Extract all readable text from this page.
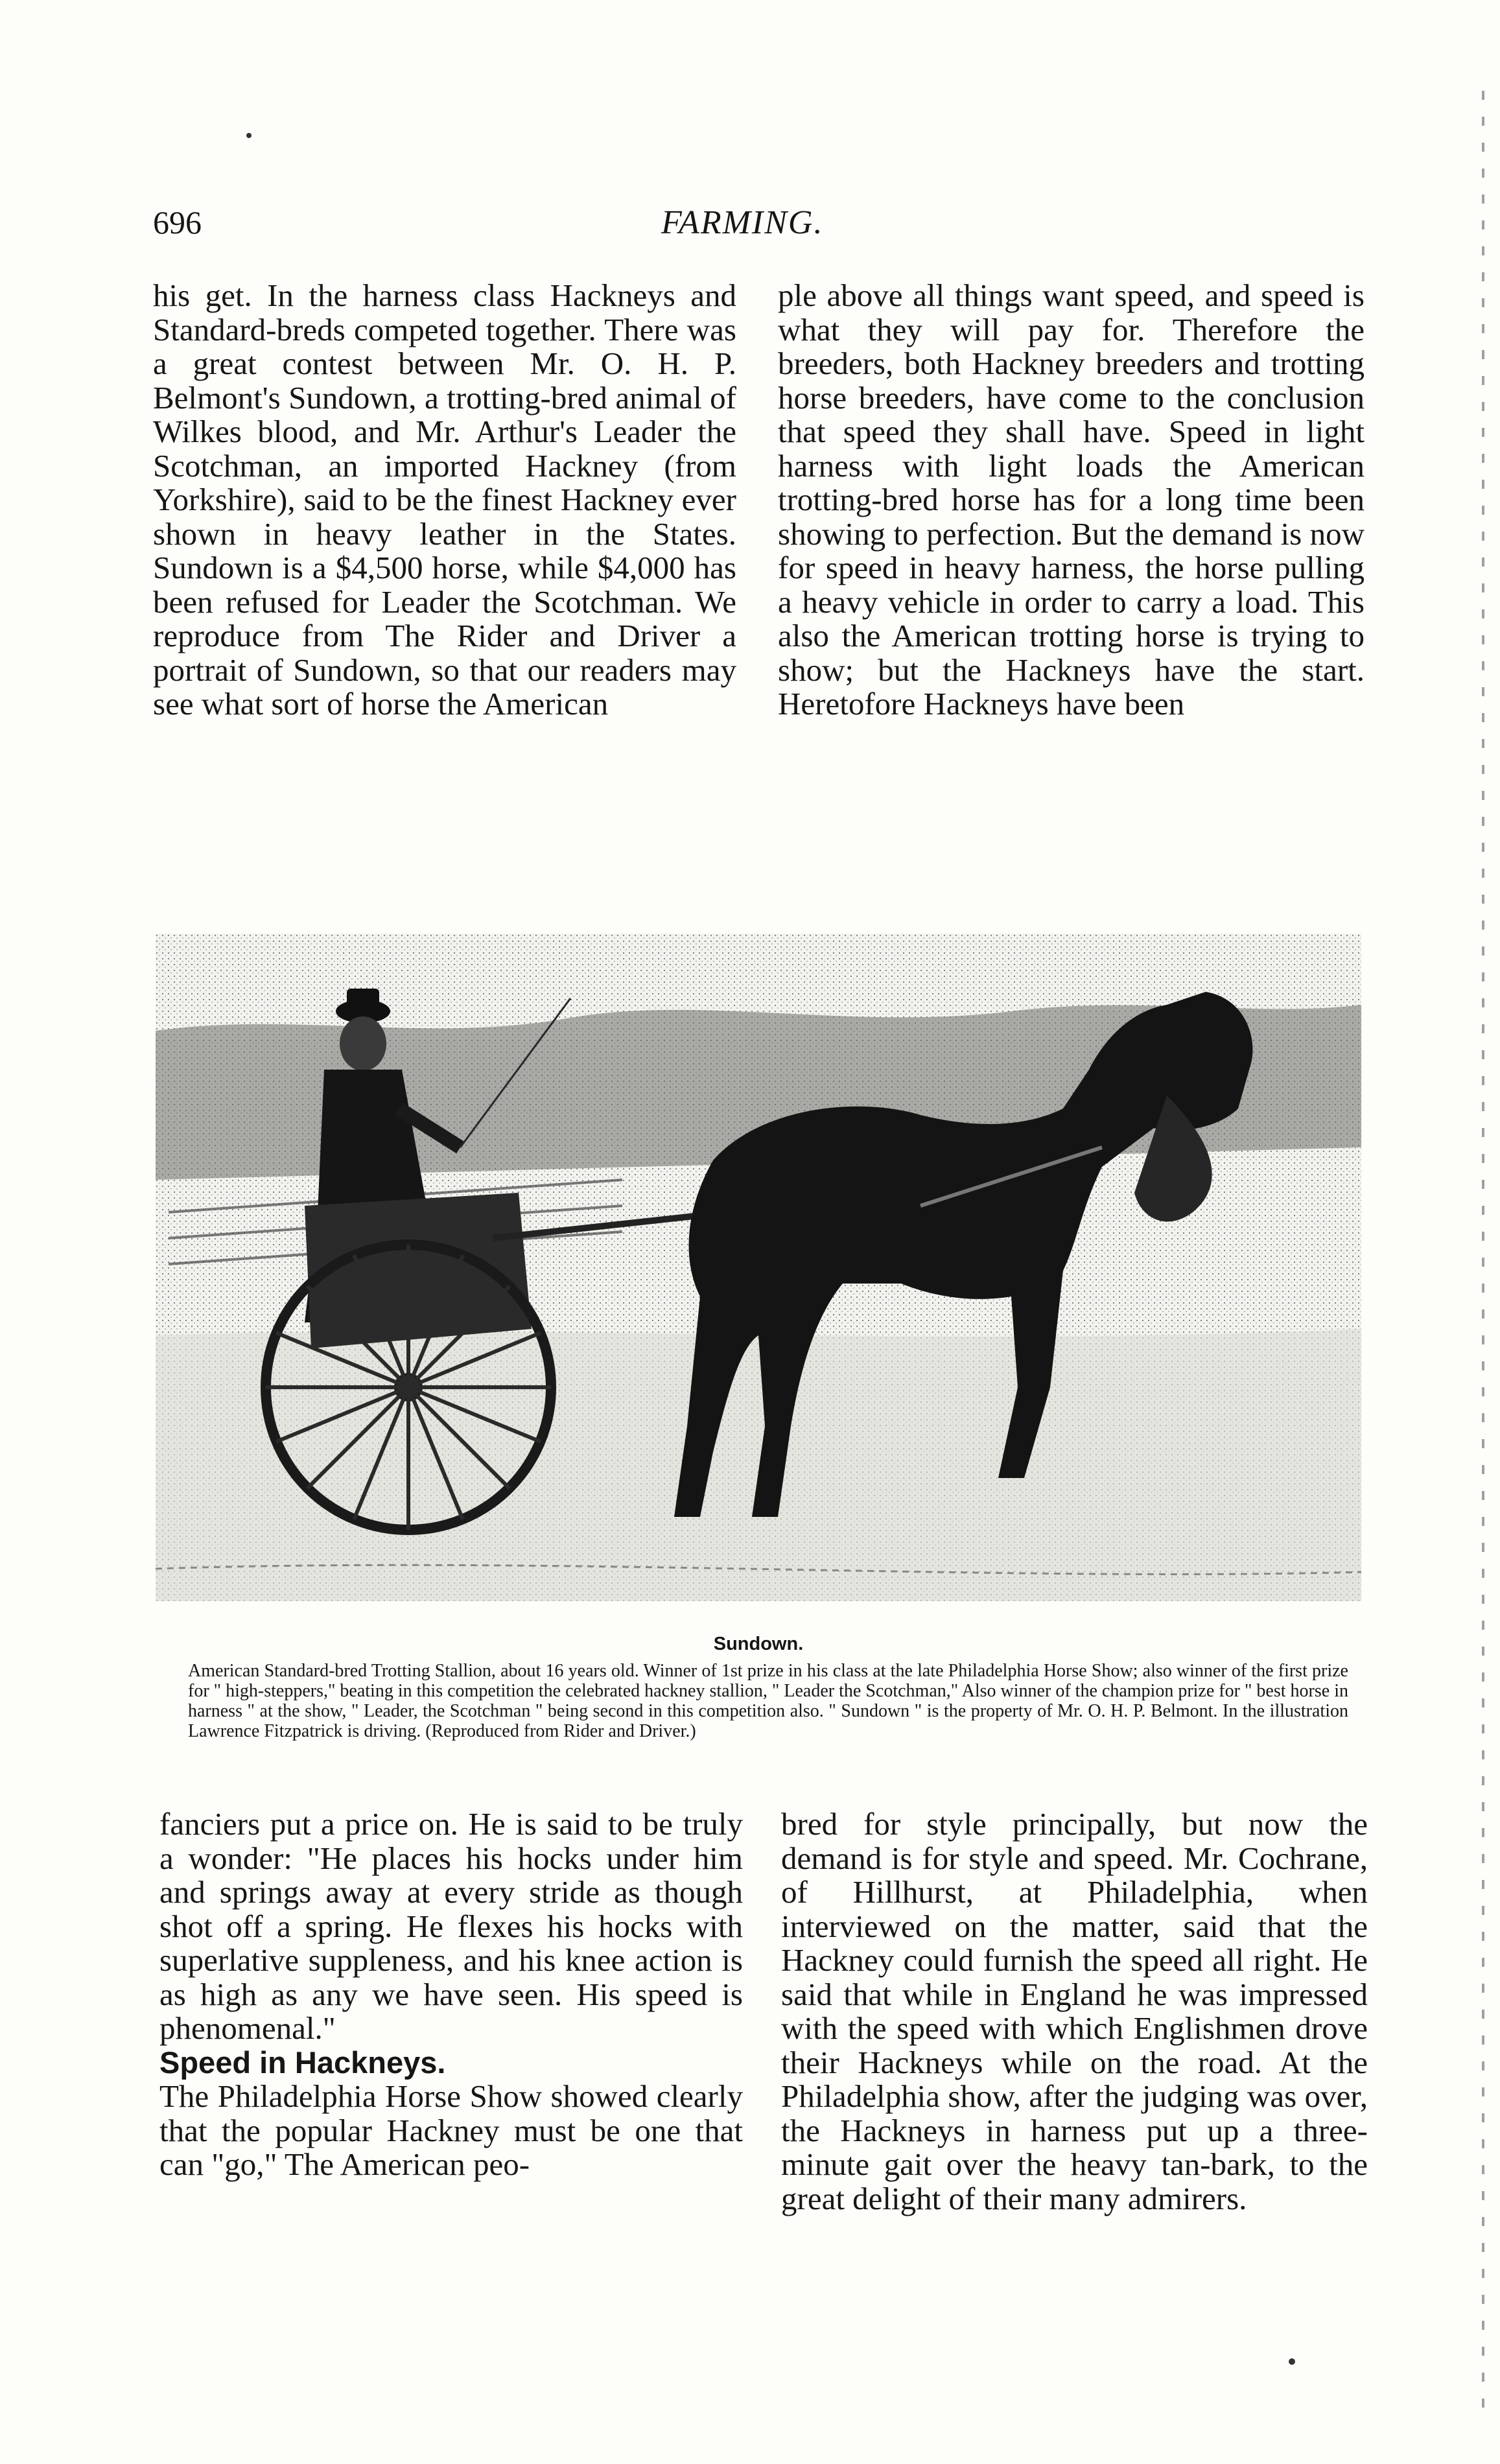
696	FARMING.

his get. In the harness class Hackneys and Standard-breds competed together. There was a great contest between Mr. O. H. P. Belmont's Sundown, a trotting-bred animal of Wilkes blood, and Mr. Arthur's Leader the Scotchman, an imported Hackney (from Yorkshire), said to be the finest Hackney ever shown in heavy leather in the States. Sundown is a $4,500 horse, while $4,000 has been refused for Leader the Scotchman. We reproduce from The Rider and Driver a portrait of Sundown, so that our readers may see what sort of horse the American

ple above all things want speed, and speed is what they will pay for. Therefore the breeders, both Hackney breeders and trotting horse breeders, have come to the conclusion that speed they shall have. Speed in light harness with light loads the American trotting-bred horse has for a long time been showing to perfection. But the demand is now for speed in heavy harness, the horse pulling a heavy vehicle in order to carry a load. This also the American trotting horse is trying to show; but the Hackneys have the start. Heretofore Hackneys have been

Sundown.

American Standard-bred Trotting Stallion, about 16 years old. Winner of 1st prize in his class at the late Philadelphia Horse Show; also winner of the first prize for " high-steppers," beating in this competition the celebrated hackney stallion, " Leader the Scotchman," Also winner of the champion prize for " best horse in harness " at the show, " Leader, the Scotchman " being second in this competition also. " Sundown " is the property of Mr. O. H. P. Belmont. In the illustration Lawrence Fitzpatrick is driving. (Reproduced from Rider and Driver.)

fanciers put a price on. He is said to be truly a wonder: "He places his hocks under him and springs away at every stride as though shot off a spring. He flexes his hocks with superlative suppleness, and his knee action is as high as any we have seen. His speed is phenomenal."

Speed in Hackneys.

The Philadelphia Horse Show showed clearly that the popular Hackney must be one that can "go," The American peo-

bred for style principally, but now the demand is for style and speed. Mr. Cochrane, of Hillhurst, at Philadelphia, when interviewed on the matter, said that the Hackney could furnish the speed all right. He said that while in England he was impressed with the speed with which Englishmen drove their Hackneys while on the road. At the Philadelphia show, after the judging was over, the Hackneys in harness put up a three-minute gait over the heavy tan-bark, to the great delight of their many admirers.
